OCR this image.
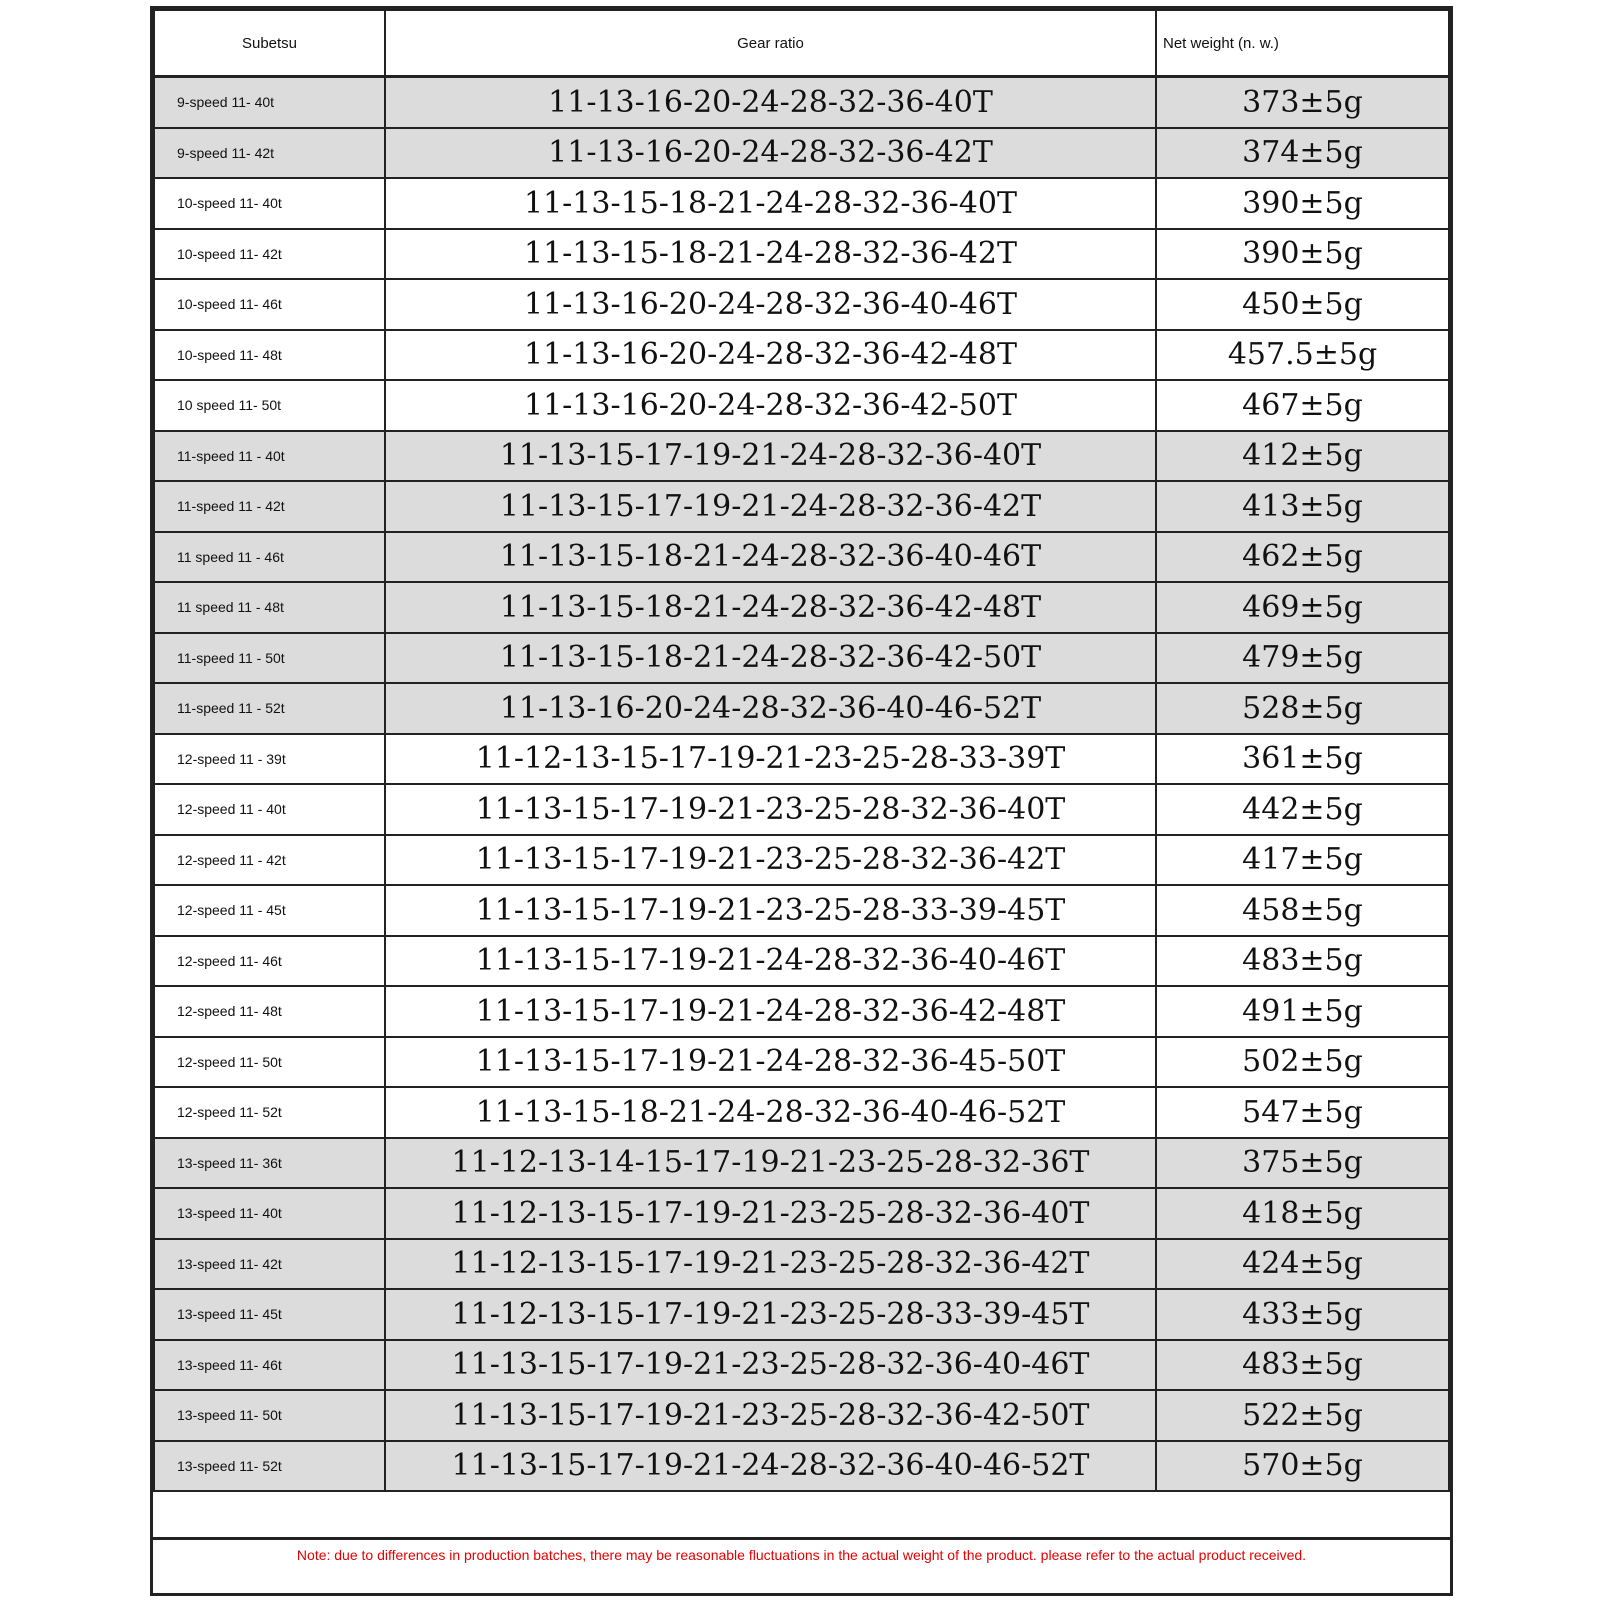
Subetsu	Gear ratio	Net weight (n. w.)
9-speed 11- 40t	11-13-16-20-24-28-32-36-40T	373±5g
9-speed 11- 42t	11-13-16-20-24-28-32-36-42T	374±5g
10-speed 11- 40t	11-13-15-18-21-24-28-32-36-40T	390±5g
10-speed 11- 42t	11-13-15-18-21-24-28-32-36-42T	390±5g
10-speed 11- 46t	11-13-16-20-24-28-32-36-40-46T	450±5g
10-speed 11- 48t	11-13-16-20-24-28-32-36-42-48T	457.5±5g
10 speed 11- 50t	11-13-16-20-24-28-32-36-42-50T	467±5g
11-speed 11 - 40t	11-13-15-17-19-21-24-28-32-36-40T	412±5g
11-speed 11 - 42t	11-13-15-17-19-21-24-28-32-36-42T	413±5g
11 speed 11 - 46t	11-13-15-18-21-24-28-32-36-40-46T	462±5g
11 speed 11 - 48t	11-13-15-18-21-24-28-32-36-42-48T	469±5g
11-speed 11 - 50t	11-13-15-18-21-24-28-32-36-42-50T	479±5g
11-speed 11 - 52t	11-13-16-20-24-28-32-36-40-46-52T	528±5g
12-speed 11 - 39t	11-12-13-15-17-19-21-23-25-28-33-39T	361±5g
12-speed 11 - 40t	11-13-15-17-19-21-23-25-28-32-36-40T	442±5g
12-speed 11 - 42t	11-13-15-17-19-21-23-25-28-32-36-42T	417±5g
12-speed 11 - 45t	11-13-15-17-19-21-23-25-28-33-39-45T	458±5g
12-speed 11- 46t	11-13-15-17-19-21-24-28-32-36-40-46T	483±5g
12-speed 11- 48t	11-13-15-17-19-21-24-28-32-36-42-48T	491±5g
12-speed 11- 50t	11-13-15-17-19-21-24-28-32-36-45-50T	502±5g
12-speed 11- 52t	11-13-15-18-21-24-28-32-36-40-46-52T	547±5g
13-speed 11- 36t	11-12-13-14-15-17-19-21-23-25-28-32-36T	375±5g
13-speed 11- 40t	11-12-13-15-17-19-21-23-25-28-32-36-40T	418±5g
13-speed 11- 42t	11-12-13-15-17-19-21-23-25-28-32-36-42T	424±5g
13-speed 11- 45t	11-12-13-15-17-19-21-23-25-28-33-39-45T	433±5g
13-speed 11- 46t	11-13-15-17-19-21-23-25-28-32-36-40-46T	483±5g
13-speed 11- 50t	11-13-15-17-19-21-23-25-28-32-36-42-50T	522±5g
13-speed 11- 52t	11-13-15-17-19-21-24-28-32-36-40-46-52T	570±5g
Note: due to differences in production batches, there may be reasonable fluctuations in the actual weight of the product. please refer to the actual product received.
